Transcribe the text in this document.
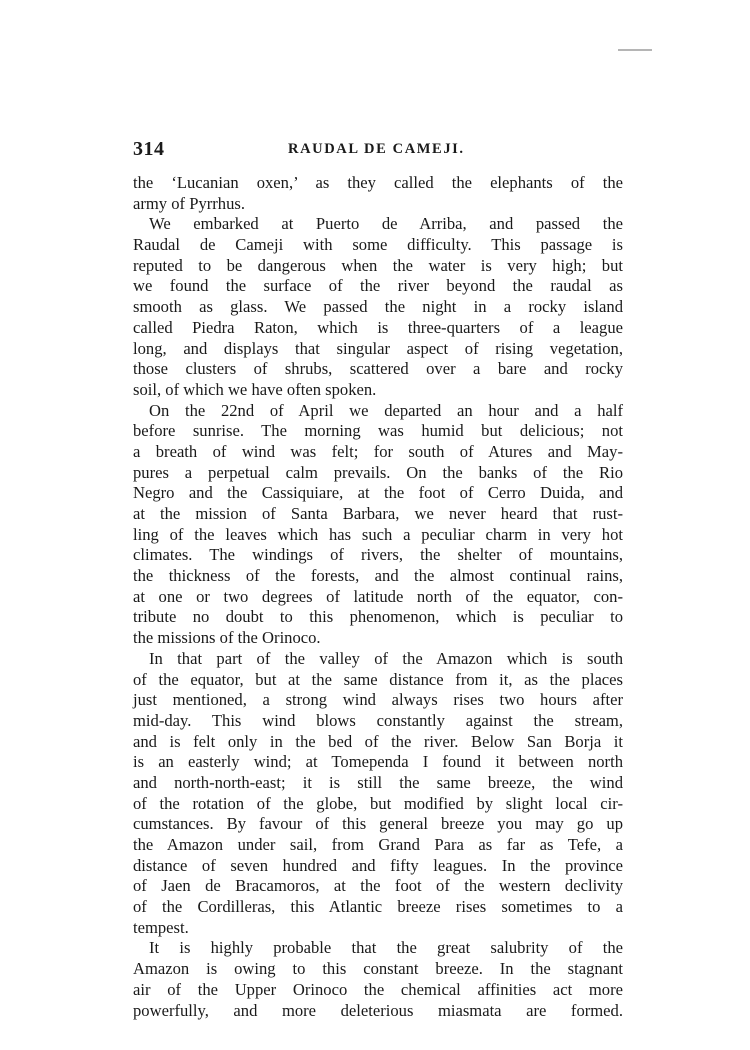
314	RAUDAL DE CAMEJI.
the ‘Lucanian oxen,’ as they called the elephants of the
army of Pyrrhus.
We embarked at Puerto de Arriba, and passed the
Raudal de Cameji with some difficulty. This passage is
reputed to be dangerous when the water is very high; but
we found the surface of the river beyond the raudal as
smooth as glass. We passed the night in a rocky island
called Piedra Raton, which is three-quarters of a league
long, and displays that singular aspect of rising vegetation,
those clusters of shrubs, scattered over a bare and rocky
soil, of which we have often spoken.
On the 22nd of April we departed an hour and a half
before sunrise. The morning was humid but delicious; not
a breath of wind was felt; for south of Atures and May-
pures a perpetual calm prevails. On the banks of the Rio
Negro and the Cassiquiare, at the foot of Cerro Duida, and
at the mission of Santa Barbara, we never heard that rust-
ling of the leaves which has such a peculiar charm in very hot
climates. The windings of rivers, the shelter of mountains,
the thickness of the forests, and the almost continual rains,
at one or two degrees of latitude north of the equator, con-
tribute no doubt to this phenomenon, which is peculiar to
the missions of the Orinoco.
In that part of the valley of the Amazon which is south
of the equator, but at the same distance from it, as the places
just mentioned, a strong wind always rises two hours after
mid-day. This wind blows constantly against the stream,
and is felt only in the bed of the river. Below San Borja it
is an easterly wind; at Tomependa I found it between north
and north-north-east; it is still the same breeze, the wind
of the rotation of the globe, but modified by slight local cir-
cumstances. By favour of this general breeze you may go up
the Amazon under sail, from Grand Para as far as Tefe, a
distance of seven hundred and fifty leagues. In the province
of Jaen de Bracamoros, at the foot of the western declivity
of the Cordilleras, this Atlantic breeze rises sometimes to a
tempest.
It is highly probable that the great salubrity of the
Amazon is owing to this constant breeze. In the stagnant
air of the Upper Orinoco the chemical affinities act more
powerfully, and more deleterious miasmata are formed.
